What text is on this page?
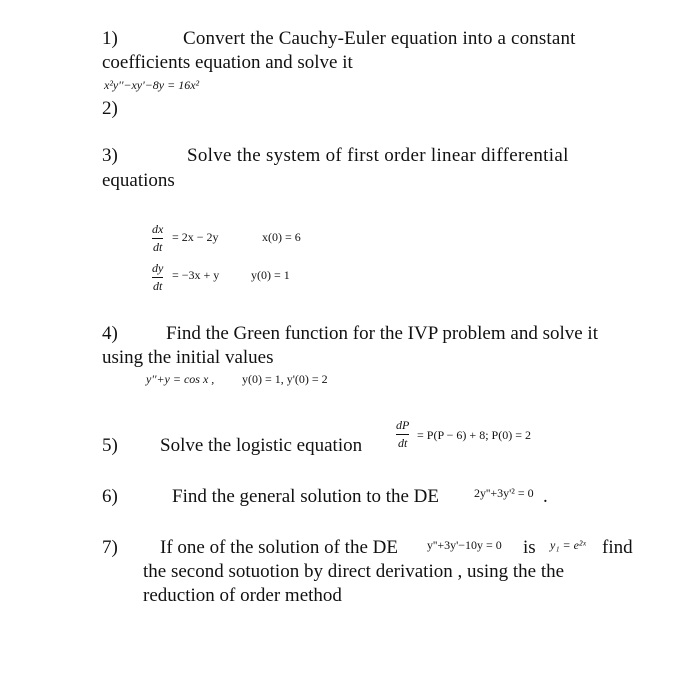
1)	Convert the Cauchy-Euler equation into a constant
coefficients equation and solve it
x²y''−xy'−8y = 16x²
2)
3)	Solve the system of first order linear differential
equations
dx
dt
= 2x − 2y	x(0) = 6
dy
dt
= −3x + y	y(0) = 1
4)	Find the Green function for the IVP problem and solve it
using the initial values
y''+y = cos x , y(0) = 1, y'(0) = 2
5) Solve the logistic equation
dP
dt
= P(P − 6) + 8; P(0) = 2
6)	Find the general solution to the DE	2y''+3y'² = 0 .
7) If one of the solution of the DE y''+3y'−10y = 0 is y₁ = e²ˣ find
the second sotuotion by direct derivation , using the the
reduction of order method
